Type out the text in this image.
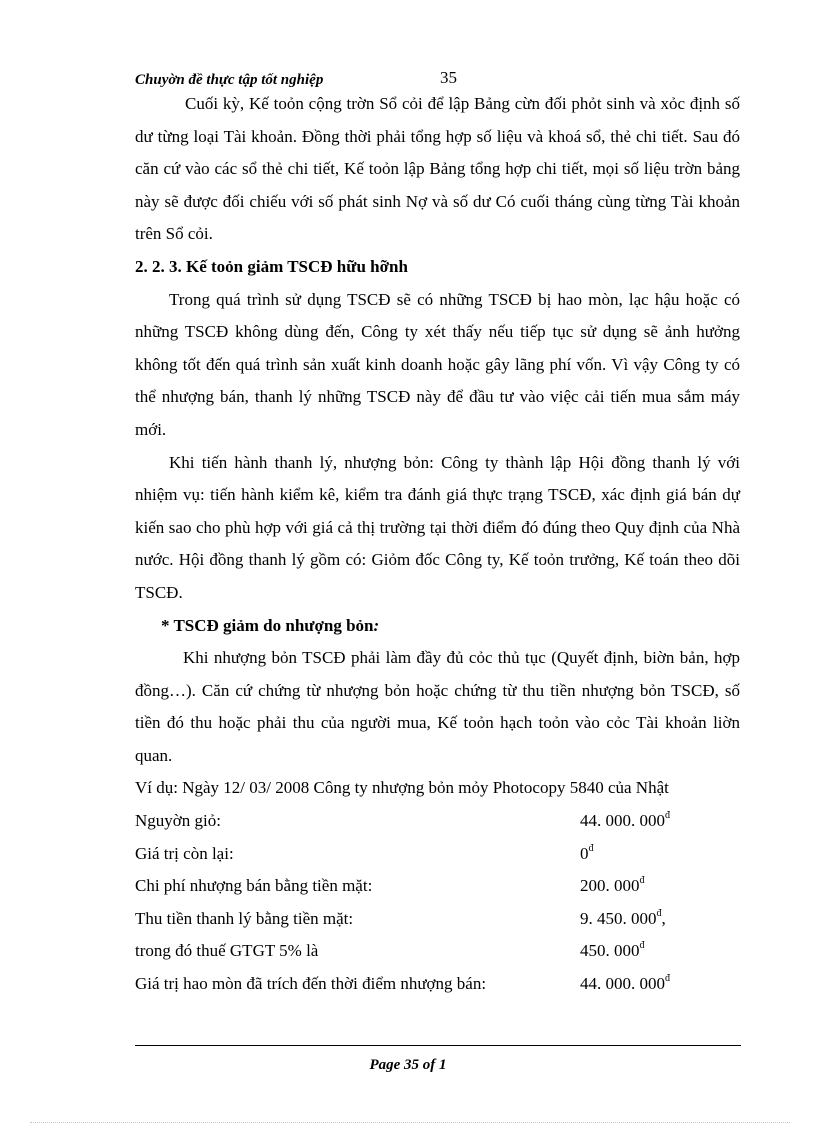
Chuyờn đề thực tập tốt nghiệp	35

Cuối kỳ, Kế toỏn cộng trờn Sổ cỏi để lập Bảng cừn đối phỏt sinh và xỏc định số dư từng loại Tài khoản. Đồng thời phải tổng hợp số liệu và khoá sổ, thẻ chi tiết. Sau đó căn cứ vào các sổ thẻ chi tiết, Kế toỏn lập Bảng tổng hợp chi tiết, mọi số liệu trờn bảng này sẽ được đối chiếu với số phát sinh Nợ và số dư Có cuối tháng cùng từng Tài khoản trên Sổ cỏi.

2. 2. 3. Kế toỏn giảm TSCĐ hữu hỡnh

Trong quá trình sử dụng TSCĐ sẽ có những TSCĐ bị hao mòn, lạc hậu hoặc có những TSCĐ không dùng đến, Công ty xét thấy nếu tiếp tục sử dụng sẽ ảnh hưởng không tốt đến quá trình sản xuất kinh doanh hoặc gây lãng phí vốn. Vì vậy Công ty có thể nhượng bán, thanh lý những TSCĐ này để đầu tư vào việc cải tiến mua sắm máy mới.

Khi tiến hành thanh lý, nhượng bỏn: Công ty thành lập Hội đồng thanh lý với nhiệm vụ: tiến hành kiểm kê, kiểm tra đánh giá thực trạng TSCĐ, xác định giá bán dự kiến sao cho phù hợp với giá cả thị trường tại thời điểm đó đúng theo Quy định của Nhà nước. Hội đồng thanh lý gồm có: Giỏm đốc Công ty, Kế toỏn trưởng, Kế toán theo dõi TSCĐ.

* TSCĐ giảm do nhượng bỏn:

Khi nhượng bỏn TSCĐ phải làm đầy đủ cỏc thủ tục (Quyết định, biờn bản, hợp đồng…). Căn cứ chứng từ nhượng bỏn hoặc chứng từ thu tiền nhượng bỏn TSCĐ, số tiền đó thu hoặc phải thu của người mua, Kế toỏn hạch toỏn vào cỏc Tài khoản liờn quan.

Ví dụ: Ngày 12/ 03/ 2008 Công ty nhượng bỏn mỏy Photocopy 5840 của Nhật

Nguyờn giỏ:	44. 000. $000^đ$
Giá trị còn lại:	$0^đ$
Chi phí nhượng bán bằng tiền mặt:	200. $000^đ$
Thu tiền thanh lý bằng tiền mặt:	9. 450. $000^đ$,
trong đó thuế GTGT 5% là	450. $000^đ$
Giá trị hao mòn đã trích đến thời điểm nhượng bán:	44. 000. $000^đ$
Page 35 of 1
